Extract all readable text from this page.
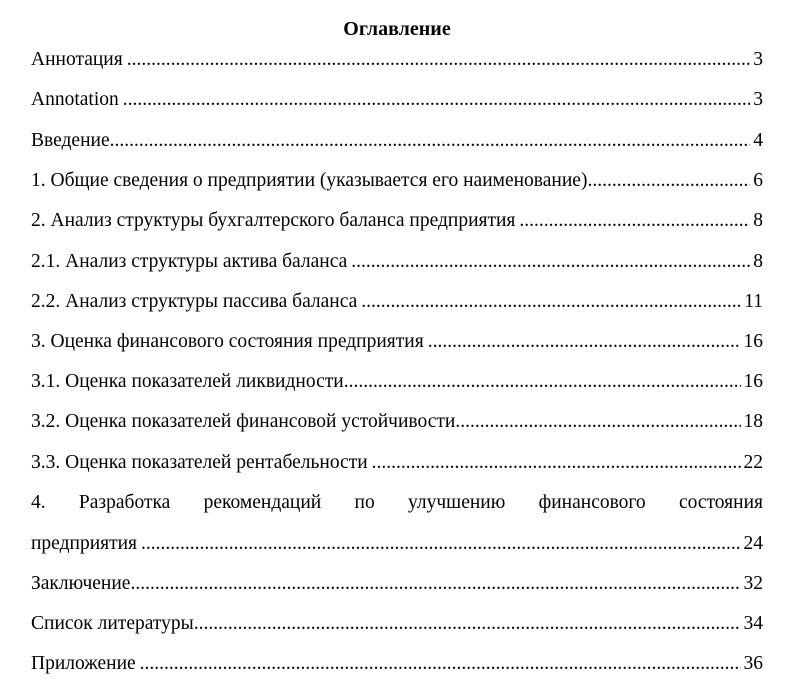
Оглавление
Аннотация .....	3
Annotation .....	3
Введение .....	4
1. Общие сведения о предприятии (указывается его наименование) .....	6
2. Анализ структуры бухгалтерского баланса предприятия .....	8
2.1. Анализ структуры актива баланса .....	8
2.2. Анализ структуры пассива баланса .....	11
3. Оценка финансового состояния предприятия .....	16
3.1. Оценка показателей ликвидности .....	16
3.2. Оценка показателей финансовой устойчивости .....	18
3.3. Оценка показателей рентабельности .....	22
4. Разработка рекомендаций по улучшению финансового состояния
предприятия .....	24
Заключение .....	32
Список литературы .....	34
Приложение .....	36
